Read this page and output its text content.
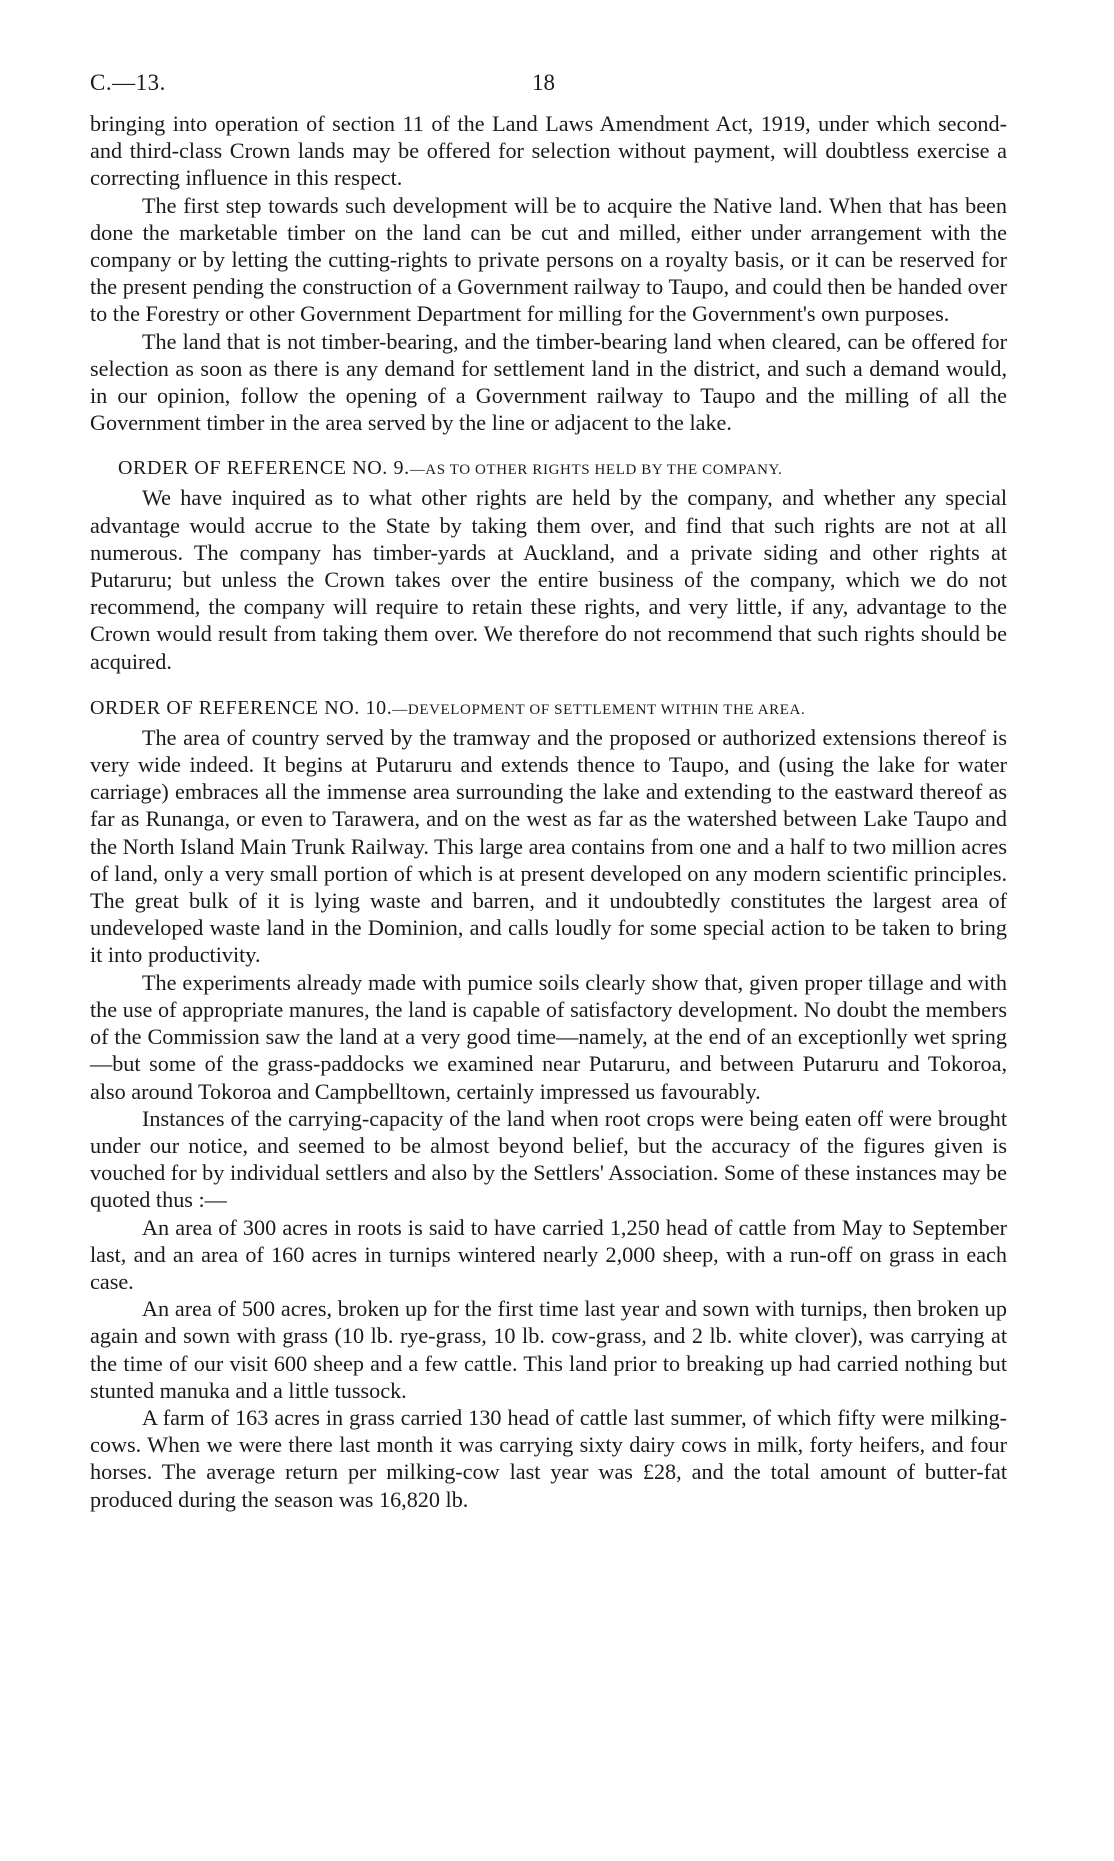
C.—13.	18

bringing into operation of section 11 of the Land Laws Amendment Act, 1919, under which second- and third-class Crown lands may be offered for selection without payment, will doubtless exercise a correcting influence in this respect.

The first step towards such development will be to acquire the Native land. When that has been done the marketable timber on the land can be cut and milled, either under arrangement with the company or by letting the cutting-rights to private persons on a royalty basis, or it can be reserved for the present pending the construction of a Government railway to Taupo, and could then be handed over to the Forestry or other Government Department for milling for the Government's own purposes.

The land that is not timber-bearing, and the timber-bearing land when cleared, can be offered for selection as soon as there is any demand for settlement land in the district, and such a demand would, in our opinion, follow the opening of a Government railway to Taupo and the milling of all the Government timber in the area served by the line or adjacent to the lake.

ORDER OF REFERENCE NO. 9.—AS TO OTHER RIGHTS HELD BY THE COMPANY.

We have inquired as to what other rights are held by the company, and whether any special advantage would accrue to the State by taking them over, and find that such rights are not at all numerous. The company has timber-yards at Auckland, and a private siding and other rights at Putaruru; but unless the Crown takes over the entire business of the company, which we do not recommend, the company will require to retain these rights, and very little, if any, advantage to the Crown would result from taking them over. We therefore do not recommend that such rights should be acquired.

ORDER OF REFERENCE NO. 10.—DEVELOPMENT OF SETTLEMENT WITHIN THE AREA.

The area of country served by the tramway and the proposed or authorized extensions thereof is very wide indeed. It begins at Putaruru and extends thence to Taupo, and (using the lake for water carriage) embraces all the immense area surrounding the lake and extending to the eastward thereof as far as Runanga, or even to Tarawera, and on the west as far as the watershed between Lake Taupo and the North Island Main Trunk Railway. This large area contains from one and a half to two million acres of land, only a very small portion of which is at present developed on any modern scientific principles. The great bulk of it is lying waste and barren, and it undoubtedly constitutes the largest area of undeveloped waste land in the Dominion, and calls loudly for some special action to be taken to bring it into productivity.

The experiments already made with pumice soils clearly show that, given proper tillage and with the use of appropriate manures, the land is capable of satisfactory development. No doubt the members of the Commission saw the land at a very good time—namely, at the end of an exceptionlly wet spring —but some of the grass-paddocks we examined near Putaruru, and between Putaruru and Tokoroa, also around Tokoroa and Campbelltown, certainly impressed us favourably.

Instances of the carrying-capacity of the land when root crops were being eaten off were brought under our notice, and seemed to be almost beyond belief, but the accuracy of the figures given is vouched for by individual settlers and also by the Settlers' Association. Some of these instances may be quoted thus :—

An area of 300 acres in roots is said to have carried 1,250 head of cattle from May to September last, and an area of 160 acres in turnips wintered nearly 2,000 sheep, with a run-off on grass in each case.

An area of 500 acres, broken up for the first time last year and sown with turnips, then broken up again and sown with grass (10 lb. rye-grass, 10 lb. cow-grass, and 2 lb. white clover), was carrying at the time of our visit 600 sheep and a few cattle. This land prior to breaking up had carried nothing but stunted manuka and a little tussock.

A farm of 163 acres in grass carried 130 head of cattle last summer, of which fifty were milking-cows. When we were there last month it was carrying sixty dairy cows in milk, forty heifers, and four horses. The average return per milking-cow last year was £28, and the total amount of butter-fat produced during the season was 16,820 lb.
